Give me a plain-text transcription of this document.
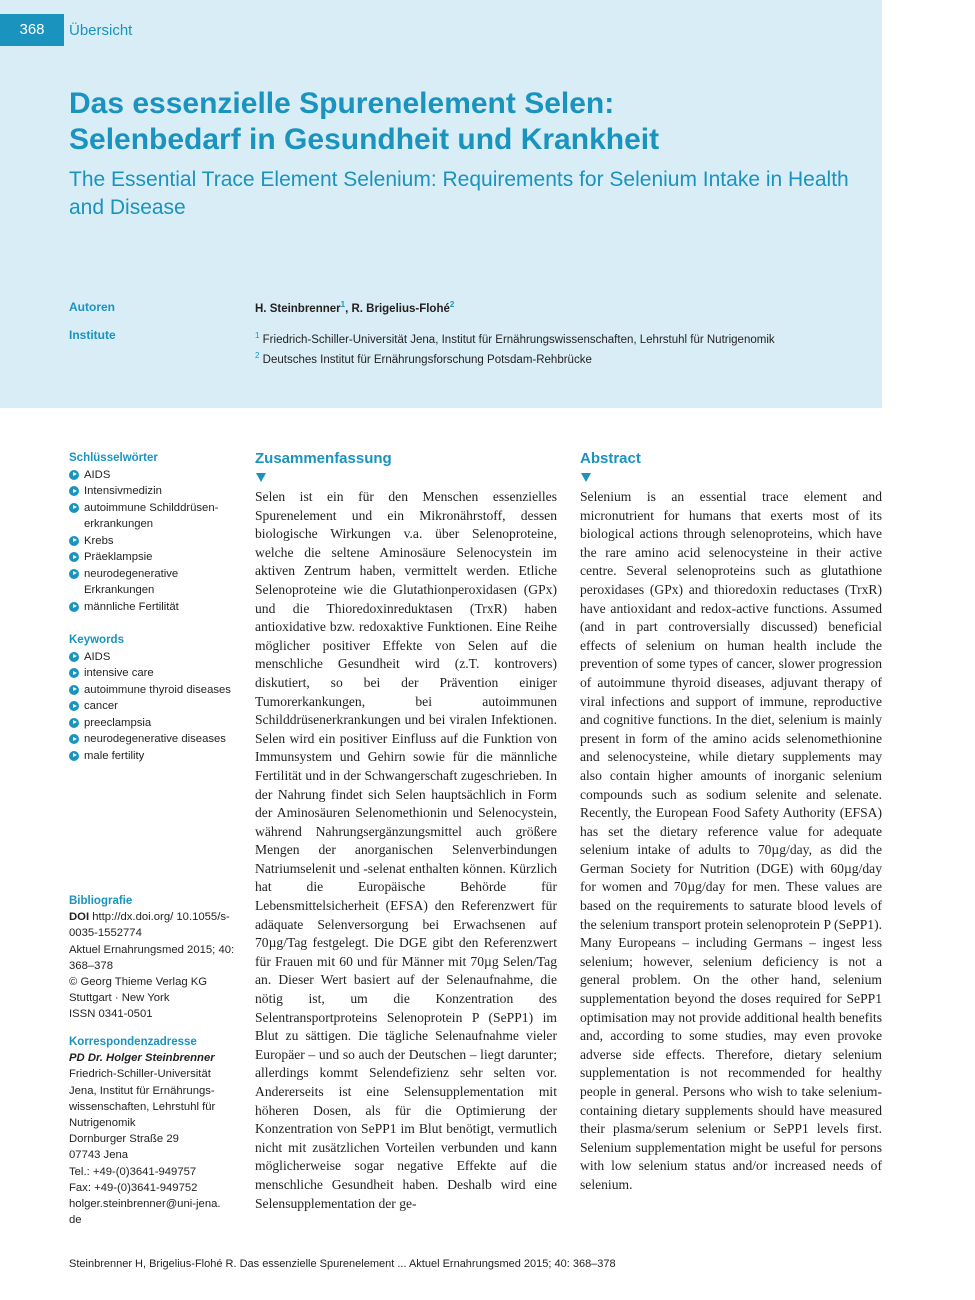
368	Übersicht
Das essenzielle Spurenelement Selen:
Selenbedarf in Gesundheit und Krankheit
The Essential Trace Element Selenium: Requirements for Selenium Intake in Health and Disease
Autoren	H. Steinbrenner$^1$, R. Brigelius-Flohé$^2$
Institute	$^1$ Friedrich-Schiller-Universität Jena, Institut für Ernährungswissenschaften, Lehrstuhl für Nutrigenomik
$^2$ Deutsches Institut für Ernährungsforschung Potsdam-Rehbrücke
Schlüsselwörter
AIDS
Intensivmedizin
autoimmune Schilddrüsen-erkrankungen
Krebs
Präeklampsie
neurodegenerative Erkrankungen
männliche Fertilität
Keywords
AIDS
intensive care
autoimmune thyroid diseases
cancer
preeclampsia
neurodegenerative diseases
male fertility
Bibliografie
DOI http://dx.doi.org/ 10.1055/s-0035-1552774
Aktuel Ernahrungsmed 2015; 40: 368–378
© Georg Thieme Verlag KG
Stuttgart · New York
ISSN 0341-0501
Korrespondenzadresse
PD Dr. Holger Steinbrenner
Friedrich-Schiller-Universität
Jena, Institut für Ernährungs-
wissenschaften, Lehrstuhl für
Nutrigenomik
Dornburger Straße 29
07743 Jena
Tel.: +49-(0)3641-949757
Fax: +49-(0)3641-949752
holger.steinbrenner@uni-jena.
de
Zusammenfassung
Selen ist ein für den Menschen essenzielles Spurenelement und ein Mikronährstoff, dessen biologische Wirkungen v.a. über Selenoproteine, welche die seltene Aminosäure Selenocystein im aktiven Zentrum haben, vermittelt werden. Etliche Selenoproteine wie die Glutathionperoxidasen (GPx) und die Thioredoxinreduktasen (TrxR) haben antioxidative bzw. redoxaktive Funktionen. Eine Reihe möglicher positiver Effekte von Selen auf die menschliche Gesundheit wird (z.T. kontrovers) diskutiert, so bei der Prävention einiger Tumorerkankungen, bei autoimmunen Schilddrüsenerkrankungen und bei viralen Infektionen. Selen wird ein positiver Einfluss auf die Funktion von Immunsystem und Gehirn sowie für die männliche Fertilität und in der Schwangerschaft zugeschrieben. In der Nahrung findet sich Selen hauptsächlich in Form der Aminosäuren Selenomethionin und Selenocystein, während Nahrungsergänzungsmittel auch größere Mengen der anorganischen Selenverbindungen Natriumselenit und -selenat enthalten können. Kürzlich hat die Europäische Behörde für Lebensmittelsicherheit (EFSA) den Referenzwert für adäquate Selenversorgung bei Erwachsenen auf 70µg/Tag festgelegt. Die DGE gibt den Referenzwert für Frauen mit 60 und für Männer mit 70µg Selen/Tag an. Dieser Wert basiert auf der Selenaufnahme, die nötig ist, um die Konzentration des Selentransportproteins Selenoprotein P (SePP1) im Blut zu sättigen. Die tägliche Selenaufnahme vieler Europäer – und so auch der Deutschen – liegt darunter; allerdings kommt Selendefizienz sehr selten vor. Andererseits ist eine Selensupplementation mit höheren Dosen, als für die Optimierung der Konzentration von SePP1 im Blut benötigt, vermutlich nicht mit zusätzlichen Vorteilen verbunden und kann möglicherweise sogar negative Effekte auf die menschliche Gesundheit haben. Deshalb wird eine Selensupplementation der ge-
Abstract
Selenium is an essential trace element and micronutrient for humans that exerts most of its biological actions through selenoproteins, which have the rare amino acid selenocysteine in their active centre. Several selenoproteins such as glutathione peroxidases (GPx) and thioredoxin reductases (TrxR) have antioxidant and redox-active functions. Assumed (and in part controversially discussed) beneficial effects of selenium on human health include the prevention of some types of cancer, slower progression of autoimmune thyroid diseases, adjuvant therapy of viral infections and support of immune, reproductive and cognitive functions. In the diet, selenium is mainly present in form of the amino acids selenomethionine and selenocysteine, while dietary supplements may also contain higher amounts of inorganic selenium compounds such as sodium selenite and selenate. Recently, the European Food Safety Authority (EFSA) has set the dietary reference value for adequate selenium intake of adults to 70µg/day, as did the German Society for Nutrition (DGE) with 60µg/day for women and 70µg/day for men. These values are based on the requirements to saturate blood levels of the selenium transport protein selenoprotein P (SePP1). Many Europeans – including Germans – ingest less selenium; however, selenium deficiency is not a general problem. On the other hand, selenium supplementation beyond the doses required for SePP1 optimisation may not provide additional health benefits and, according to some studies, may even provoke adverse side effects. Therefore, dietary selenium supplementation is not recommended for healthy people in general. Persons who wish to take selenium-containing dietary supplements should have measured their plasma/serum selenium or SePP1 levels first. Selenium supplementation might be useful for persons with low selenium status and/or increased needs of selenium.
Steinbrenner H, Brigelius-Flohé R. Das essenzielle Spurenelement ... Aktuel Ernahrungsmed 2015; 40: 368–378
